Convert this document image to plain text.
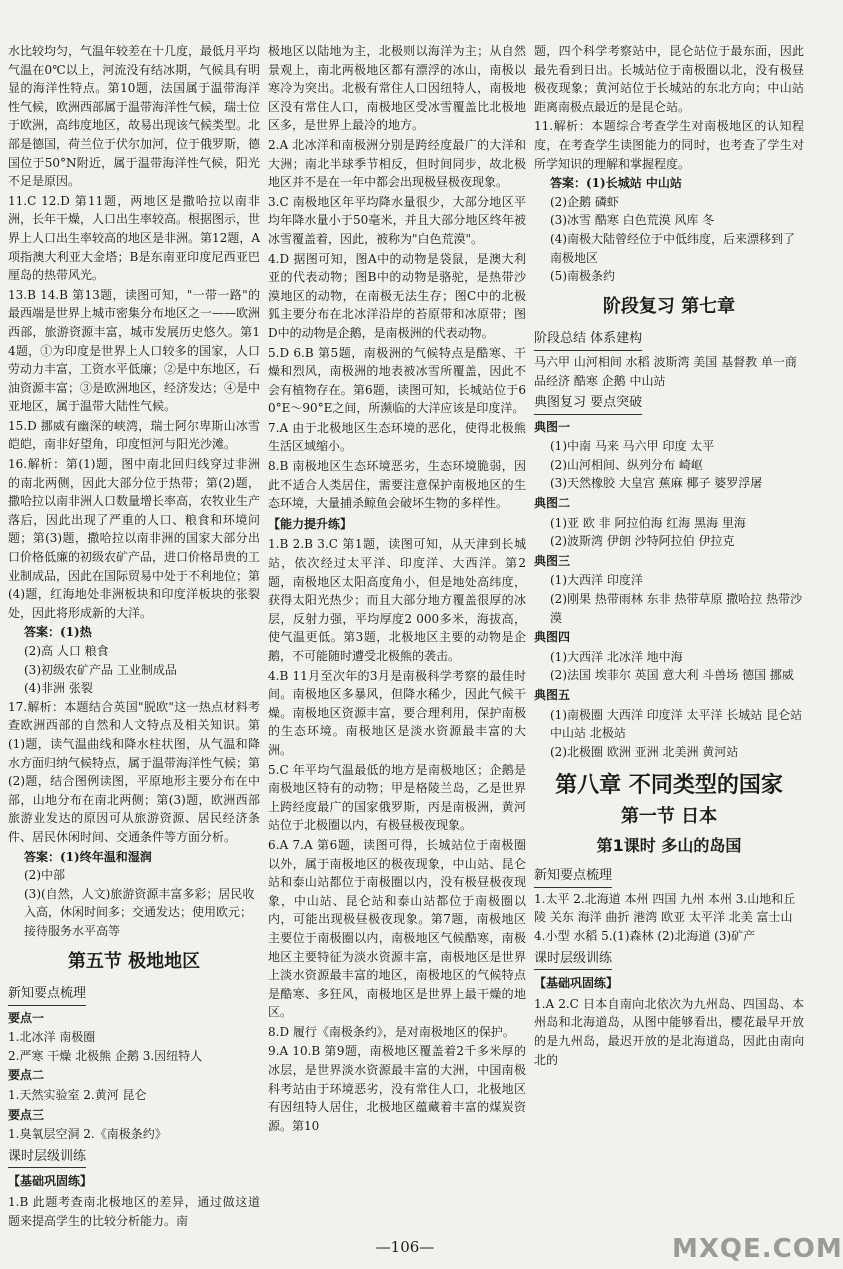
水比较均匀，气温年较差在十几度，最低月平均气温在0℃以上，河流没有结冰期，气候具有明显的海洋性特点。第10题，法国属于温带海洋性气候，欧洲西部属于温带海洋性气候，瑞士位于欧洲，高纬度地区，故易出现该气候类型。北部是德国，荷兰位于伏尔加河，位于俄罗斯，德国位于50°N附近，属于温带海洋性气候，阳光不足是原因。

11.C 12.D 第11题，两地区是撒哈拉以南非洲，长年干燥，人口出生率较高。根据图示，世界上人口出生率较高的地区是非洲。第12题，A项指澳大利亚大金塔；B是东南亚印度尼西亚巴厘岛的热带风光。

13.B 14.B 第13题，读图可知，"一带一路"的最西端是世界上城市密集分布地区之一——欧洲西部，旅游资源丰富，城市发展历史悠久。第14题，①为印度是世界上人口较多的国家，人口劳动力丰富，工资水平低廉；②是中东地区，石油资源丰富；③是欧洲地区，经济发达；④是中亚地区，属于温带大陆性气候。

15.D 挪威有幽深的峡湾，瑞士阿尔卑斯山冰雪皑皑，南非好望角，印度恒河与阳光沙滩。

16.解析：第(1)题，图中南北回归线穿过非洲的南北两侧，因此大部分位于热带；第(2)题，撒哈拉以南非洲人口数量增长率高，农牧业生产落后，因此出现了严重的人口、粮食和环境问题；第(3)题，撒哈拉以南非洲的国家大部分出口价格低廉的初级农矿产品，进口价格昂贵的工业制成品，因此在国际贸易中处于不利地位；第(4)题，红海地处非洲板块和印度洋板块的张裂处，因此将形成新的大洋。

答案：(1)热

(2)高 人口 粮食

(3)初级农矿产品 工业制成品

(4)非洲 张裂

17.解析：本题结合英国"脱欧"这一热点材料考查欧洲西部的自然和人文特点及相关知识。第(1)题，读气温曲线和降水柱状图，从气温和降水方面归纳气候特点，属于温带海洋性气候；第(2)题，结合图例读图，平原地形主要分布在中部，山地分布在南北两侧；第(3)题，欧洲西部旅游业发达的原因可从旅游资源、居民经济条件、居民休闲时间、交通条件等方面分析。

答案：(1)终年温和湿润

(2)中部

(3)(自然，人文)旅游资源丰富多彩；居民收入高，休闲时间多；交通发达；使用欧元；接待服务水平高等

第五节 极地地区
新知要点梳理

要点一

1.北冰洋 南极圈

2.严寒 干燥 北极熊 企鹅 3.因纽特人

要点二

1.天然实验室 2.黄河 昆仑

要点三

1.臭氧层空洞 2.《南极条约》

课时层级训练

【基础巩固练】

1.B 此题考查南北极地区的差异，通过做这道题来提高学生的比较分析能力。南

极地区以陆地为主，北极则以海洋为主；从自然景观上，南北两极地区都有漂浮的冰山，南极以寒冷为突出。北极有常住人口因纽特人，南极地区没有常住人口，南极地区受冰雪覆盖比北极地区多，是世界上最冷的地方。

2.A 北冰洋和南极洲分别是跨经度最广的大洋和大洲；南北半球季节相反，但时间同步，故北极地区并不是在一年中都会出现极昼极夜现象。

3.C 南极地区年平均降水量很少，大部分地区平均年降水量小于50毫米，并且大部分地区终年被冰雪覆盖着，因此，被称为"白色荒漠"。

4.D 据图可知，图A中的动物是袋鼠，是澳大利亚的代表动物；图B中的动物是骆驼，是热带沙漠地区的动物，在南极无法生存；图C中的北极狐主要分布在北冰洋沿岸的苔原带和冰原带；图D中的动物是企鹅，是南极洲的代表动物。

5.D 6.B 第5题，南极洲的气候特点是酷寒、干燥和烈风，南极洲的地表被冰雪所覆盖，因此不会有植物存在。第6题，读图可知，长城站位于60°E～90°E之间，所濒临的大洋应该是印度洋。

7.A 由于北极地区生态环境的恶化，使得北极熊生活区域缩小。

8.B 南极地区生态环境恶劣，生态环境脆弱，因此不适合人类居住，需要注意保护南极地区的生态环境，大量捕杀鲸鱼会破坏生物的多样性。

【能力提升练】

1.B 2.B 3.C 第1题，读图可知，从天津到长城站，依次经过太平洋、印度洋、大西洋。第2题，南极地区太阳高度角小，但是地处高纬度，获得太阳光热少；而且大部分地方覆盖很厚的冰层，反射力强，平均厚度2 000多米，海拔高，使气温更低。第3题，北极地区主要的动物是企鹅，不可能随时遭受北极熊的袭击。

4.B 11月至次年的3月是南极科学考察的最佳时间。南极地区多暴风，但降水稀少，因此气候干燥。南极地区资源丰富，要合理利用，保护南极的生态环境。南极地区是淡水资源最丰富的大洲。

5.C 年平均气温最低的地方是南极地区；企鹅是南极地区特有的动物；甲是格陵兰岛，乙是世界上跨经度最广的国家俄罗斯，丙是南极洲，黄河站位于北极圈以内，有极昼极夜现象。

6.A 7.A 第6题，读图可得，长城站位于南极圈以外，属于南极地区的极夜现象，中山站、昆仑站和泰山站都位于南极圈以内，没有极昼极夜现象，中山站、昆仑站和泰山站都位于南极圈以内，可能出现极昼极夜现象。第7题，南极地区主要位于南极圈以内，南极地区气候酷寒，南极地区主要特征为淡水资源丰富，南极地区是世界上淡水资源最丰富的地区，南极地区的气候特点是酷寒、多狂风，南极地区是世界上最干燥的地区。

8.D 履行《南极条约》，是对南极地区的保护。

9.A 10.B 第9题，南极地区覆盖着2千多米厚的冰层，是世界淡水资源最丰富的大洲，中国南极科考站由于环境恶劣，没有常住人口，北极地区有因纽特人居住，北极地区蕴藏着丰富的煤炭资源。第10

题，四个科学考察站中，昆仑站位于最东面，因此最先看到日出。长城站位于南极圈以北，没有极昼极夜现象；黄河站位于长城站的东北方向；中山站距离南极点最近的是昆仑站。

11.解析：本题综合考查学生对南极地区的认知程度，在考查学生读图能力的同时，也考查了学生对所学知识的理解和掌握程度。

答案：(1)长城站 中山站

(2)企鹅 磷虾

(3)冰雪 酷寒 白色荒漠 风库 冬

(4)南极大陆曾经位于中低纬度，后来漂移到了南极地区

(5)南极条约

阶段复习 第七章
阶段总结 体系建构

马六甲 山河相间 水稻 波斯湾 美国 基督教 单一商品经济 酷寒 企鹅 中山站

典图复习 要点突破

典图一

(1)中南 马来 马六甲 印度 太平

(2)山河相间、纵列分布 崎岖

(3)天然橡胶 大皇宫 蕉麻 椰子 婆罗浮屠

典图二

(1)亚 欧 非 阿拉伯海 红海 黑海 里海

(2)波斯湾 伊朗 沙特阿拉伯 伊拉克

典图三

(1)大西洋 印度洋

(2)刚果 热带雨林 东非 热带草原 撒哈拉 热带沙漠

典图四

(1)大西洋 北冰洋 地中海

(2)法国 埃菲尔 英国 意大利 斗兽场 德国 挪威

典图五

(1)南极圈 大西洋 印度洋 太平洋 长城站 昆仑站 中山站 北极站

(2)北极圈 欧洲 亚洲 北美洲 黄河站

第八章 不同类型的国家
第一节 日本
第1课时 多山的岛国
新知要点梳理

1.太平 2.北海道 本州 四国 九州 本州 3.山地和丘陵 关东 海洋 曲折 港湾 欧亚 太平洋 北美 富士山

4.小型 水稻 5.(1)森林 (2)北海道 (3)矿产

课时层级训练

【基础巩固练】

1.A 2.C 日本自南向北依次为九州岛、四国岛、本州岛和北海道岛，从图中能够看出，樱花最早开放的是九州岛，最迟开放的是北海道岛，因此由南向北的

—106—	MXQE.COM
